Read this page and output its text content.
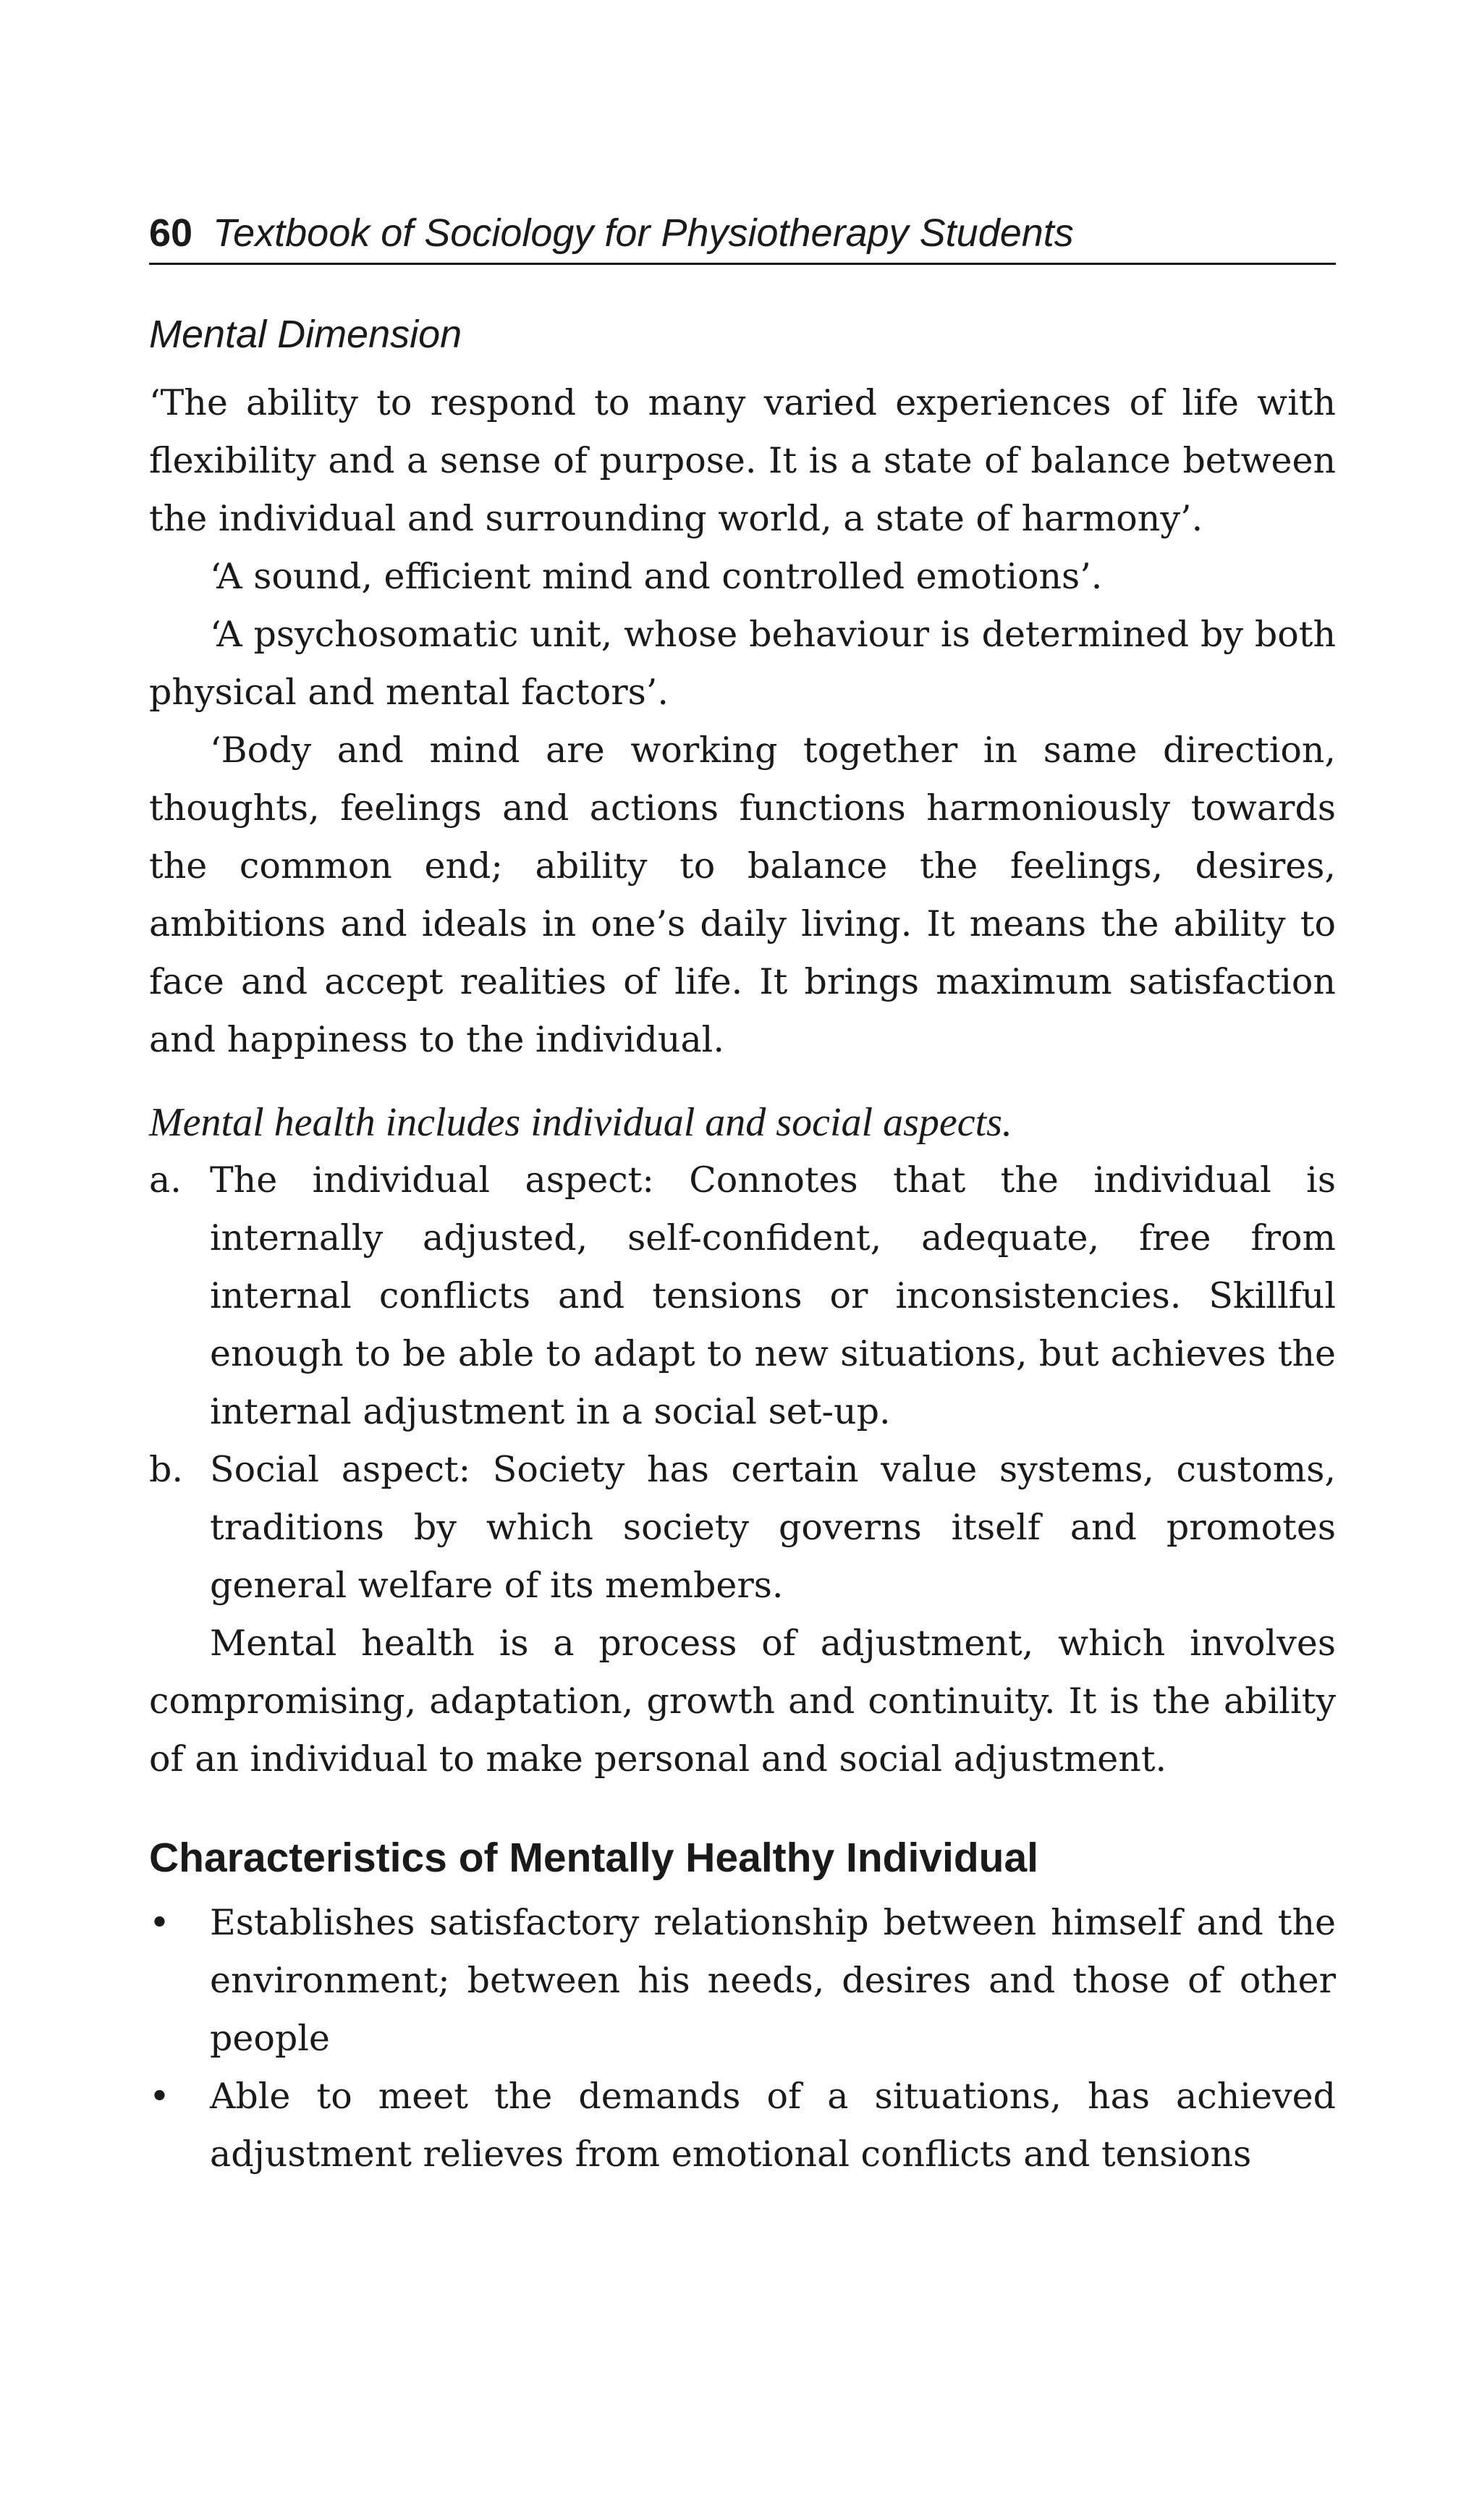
60 Textbook of Sociology for Physiotherapy Students
Mental Dimension

‘The ability to respond to many varied experiences of life with flexibility and a sense of purpose. It is a state of balance between the individual and surrounding world, a state of harmony’.

‘A sound, efficient mind and controlled emotions’.

‘A psychosomatic unit, whose behaviour is determined by both physical and mental factors’.

‘Body and mind are working together in same direction, thoughts, feelings and actions functions harmoniously towards the common end; ability to balance the feelings, desires, ambitions and ideals in one’s daily living. It means the ability to face and accept realities of life. It brings maximum satisfaction and happiness to the individual.

Mental health includes individual and social aspects.

a. The individual aspect: Connotes that the individual is internally adjusted, self-confident, adequate, free from internal conflicts and tensions or inconsistencies. Skillful enough to be able to adapt to new situations, but achieves the internal adjustment in a social set-up.
b. Social aspect: Society has certain value systems, customs, traditions by which society governs itself and promotes general welfare of its members.

Mental health is a process of adjustment, which involves compromising, adaptation, growth and continuity. It is the ability of an individual to make personal and social adjustment.

Characteristics of Mentally Healthy Individual
•	Establishes satisfactory relationship between himself and the environment; between his needs, desires and those of other people
•	Able to meet the demands of a situations, has achieved adjustment relieves from emotional conflicts and tensions
